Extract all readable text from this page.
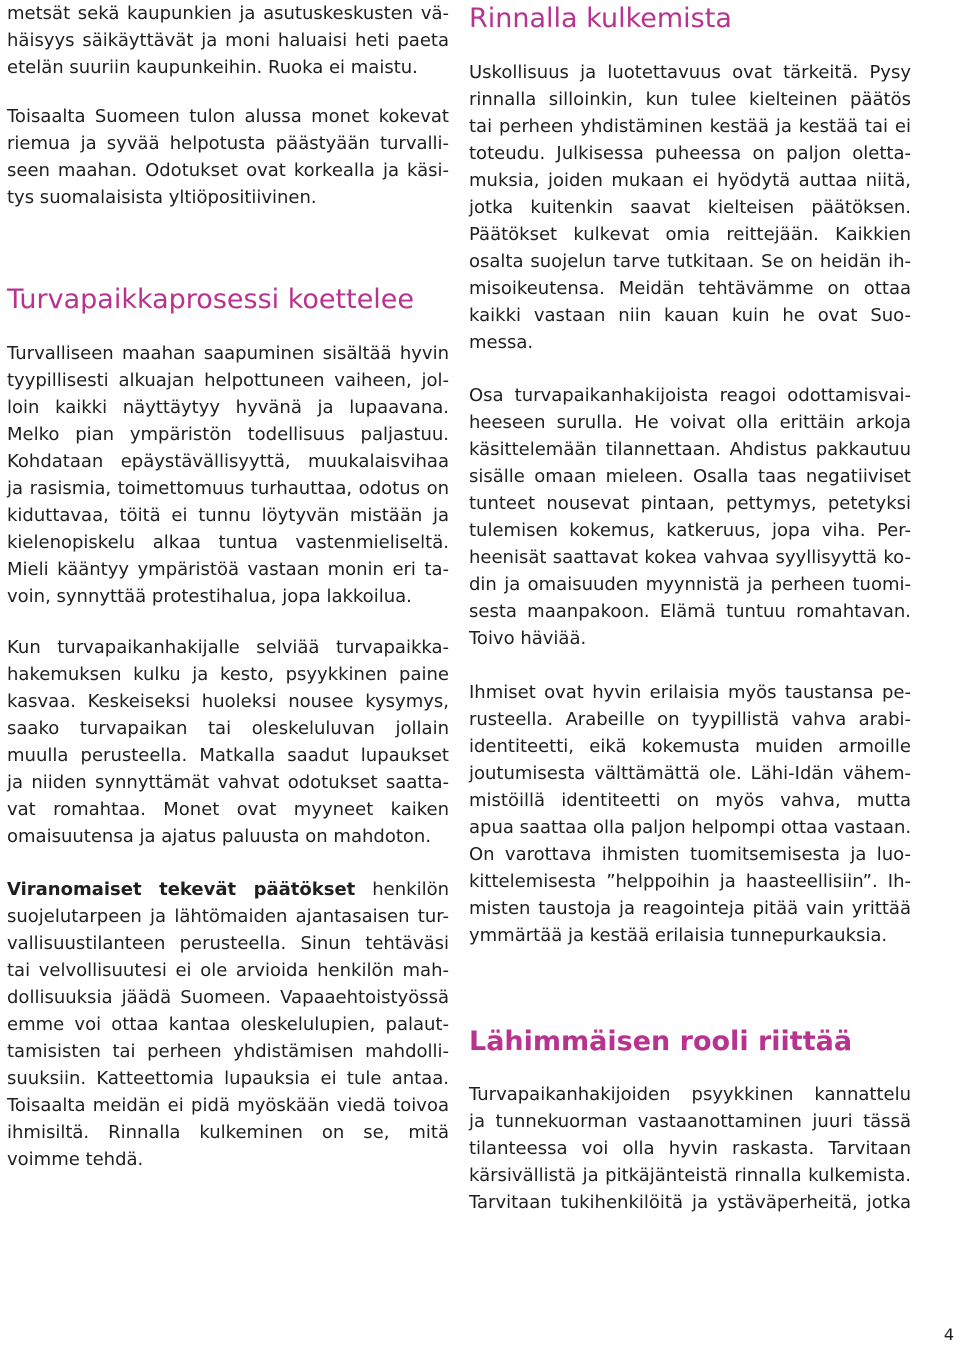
metsät sekä kaupunkien ja asutuskeskusten vä-
häisyys säikäyttävät ja moni haluaisi heti paeta
etelän suuriin kaupunkeihin. Ruoka ei maistu.
Toisaalta Suomeen tulon alussa monet kokevat
riemua ja syvää helpotusta päästyään turvalli-
seen maahan. Odotukset ovat korkealla ja käsi-
tys suomalaisista yltiöpositiivinen.
Turvapaikkaprosessi koettelee
Turvalliseen maahan saapuminen sisältää hyvin
tyypillisesti alkuajan helpottuneen vaiheen, jol-
loin kaikki näyttäytyy hyvänä ja lupaavana.
Melko pian ympäristön todellisuus paljastuu.
Kohdataan epäystävällisyyttä, muukalaisvihaa
ja rasismia, toimettomuus turhauttaa, odotus on
kiduttavaa, töitä ei tunnu löytyvän mistään ja
kielenopiskelu alkaa tuntua vastenmieliseltä.
Mieli kääntyy ympäristöä vastaan monin eri ta-
voin, synnyttää protestihalua, jopa lakkoilua.
Kun turvapaikanhakijalle selviää turvapaikka-
hakemuksen kulku ja kesto, psyykkinen paine
kasvaa. Keskeiseksi huoleksi nousee kysymys,
saako turvapaikan tai oleskeluluvan jollain
muulla perusteella. Matkalla saadut lupaukset
ja niiden synnyttämät vahvat odotukset saatta-
vat romahtaa. Monet ovat myyneet kaiken
omaisuutensa ja ajatus paluusta on mahdoton.
Viranomaiset tekevät päätökset henkilön
suojelutarpeen ja lähtömaiden ajantasaisen tur-
vallisuustilanteen perusteella. Sinun tehtäväsi
tai velvollisuutesi ei ole arvioida henkilön mah-
dollisuuksia jäädä Suomeen. Vapaaehtoistyössä
emme voi ottaa kantaa oleskelulupien, palaut-
tamisisten tai perheen yhdistämisen mahdolli-
suuksiin. Katteettomia lupauksia ei tule antaa.
Toisaalta meidän ei pidä myöskään viedä toivoa
ihmisiltä. Rinnalla kulkeminen on se, mitä
voimme tehdä.
Rinnalla kulkemista
Uskollisuus ja luotettavuus ovat tärkeitä. Pysy
rinnalla silloinkin, kun tulee kielteinen päätös
tai perheen yhdistäminen kestää ja kestää tai ei
toteudu. Julkisessa puheessa on paljon oletta-
muksia, joiden mukaan ei hyödytä auttaa niitä,
jotka kuitenkin saavat kielteisen päätöksen.
Päätökset kulkevat omia reittejään. Kaikkien
osalta suojelun tarve tutkitaan. Se on heidän ih-
misoikeutensa. Meidän tehtävämme on ottaa
kaikki vastaan niin kauan kuin he ovat Suo-
messa.
Osa turvapaikanhakijoista reagoi odottamisvai-
heeseen surulla. He voivat olla erittäin arkoja
käsittelemään tilannettaan. Ahdistus pakkautuu
sisälle omaan mieleen. Osalla taas negatiiviset
tunteet nousevat pintaan, pettymys, petetyksi
tulemisen kokemus, katkeruus, jopa viha. Per-
heenisät saattavat kokea vahvaa syyllisyyttä ko-
din ja omaisuuden myynnistä ja perheen tuomi-
sesta maanpakoon. Elämä tuntuu romahtavan.
Toivo häviää.
Ihmiset ovat hyvin erilaisia myös taustansa pe-
rusteella. Arabeille on tyypillistä vahva arabi-
identiteetti, eikä kokemusta muiden armoille
joutumisesta välttämättä ole. Lähi-Idän vähem-
mistöillä identiteetti on myös vahva, mutta
apua saattaa olla paljon helpompi ottaa vastaan.
On varottava ihmisten tuomitsemisesta ja luo-
kittelemisesta ”helppoihin ja haasteellisiin”. Ih-
misten taustoja ja reagointeja pitää vain yrittää
ymmärtää ja kestää erilaisia tunnepurkauksia.
Lähimmäisen rooli riittää
Turvapaikanhakijoiden psyykkinen kannattelu
ja tunnekuorman vastaanottaminen juuri tässä
tilanteessa voi olla hyvin raskasta. Tarvitaan
kärsivällistä ja pitkäjänteistä rinnalla kulkemista.
Tarvitaan tukihenkilöitä ja ystäväperheitä, jotka
4
